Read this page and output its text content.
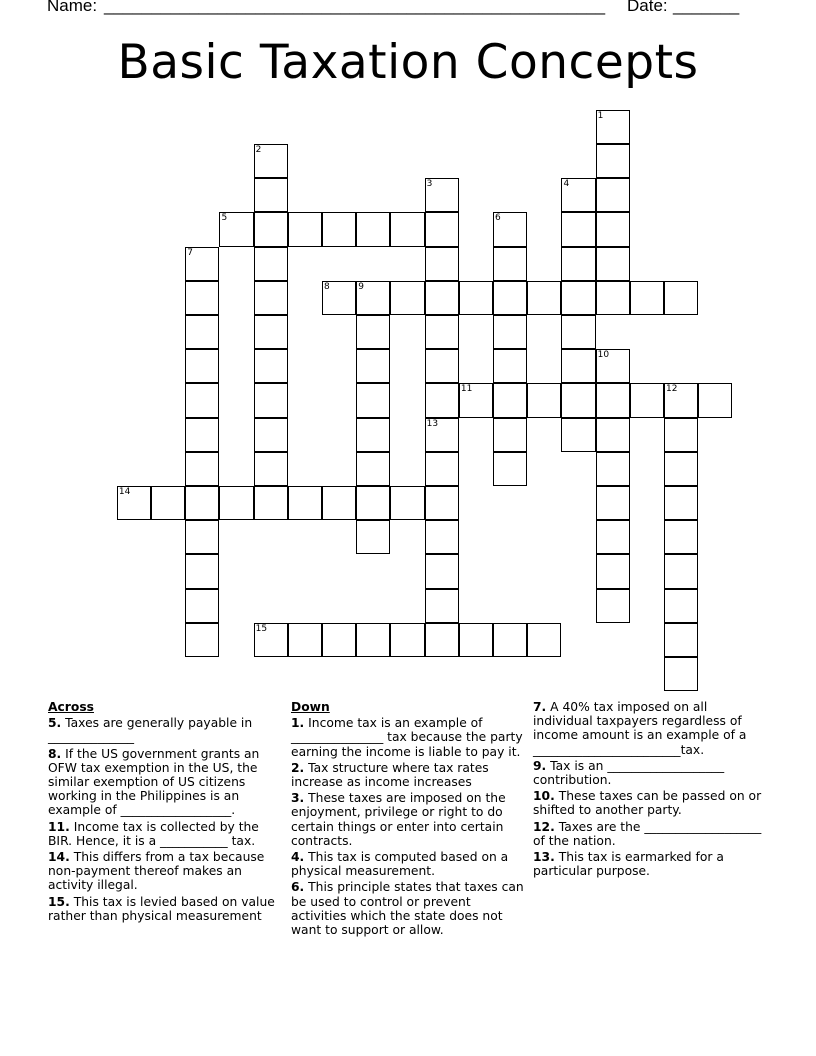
Name: _____________________________________________________ Date: _______
Basic Taxation Concepts
1
2
3	4
5	6
7
8	9
10
11	12
13
14
15
Across
5. Taxes are generally payable in ______________
8. If the US government grants an OFW tax exemption in the US, the similar exemption of US citizens working in the Philippines is an example of __________________.
11. Income tax is collected by the BIR. Hence, it is a ___________ tax.
14. This differs from a tax because non-payment thereof makes an activity illegal.
15. This tax is levied based on value rather than physical measurement
Down
1. Income tax is an example of _______________ tax because the party earning the income is liable to pay it.
2. Tax structure where tax rates increase as income increases
3. These taxes are imposed on the enjoyment, privilege or right to do certain things or enter into certain contracts.
4. This tax is computed based on a physical measurement.
6. This principle states that taxes can be used to control or prevent activities which the state does not want to support or allow.
7. A 40% tax imposed on all individual taxpayers regardless of income amount is an example of a ________________________tax.
9. Tax is an ___________________ contribution.
10. These taxes can be passed on or shifted to another party.
12. Taxes are the ___________________ of the nation.
13. This tax is earmarked for a particular purpose.
